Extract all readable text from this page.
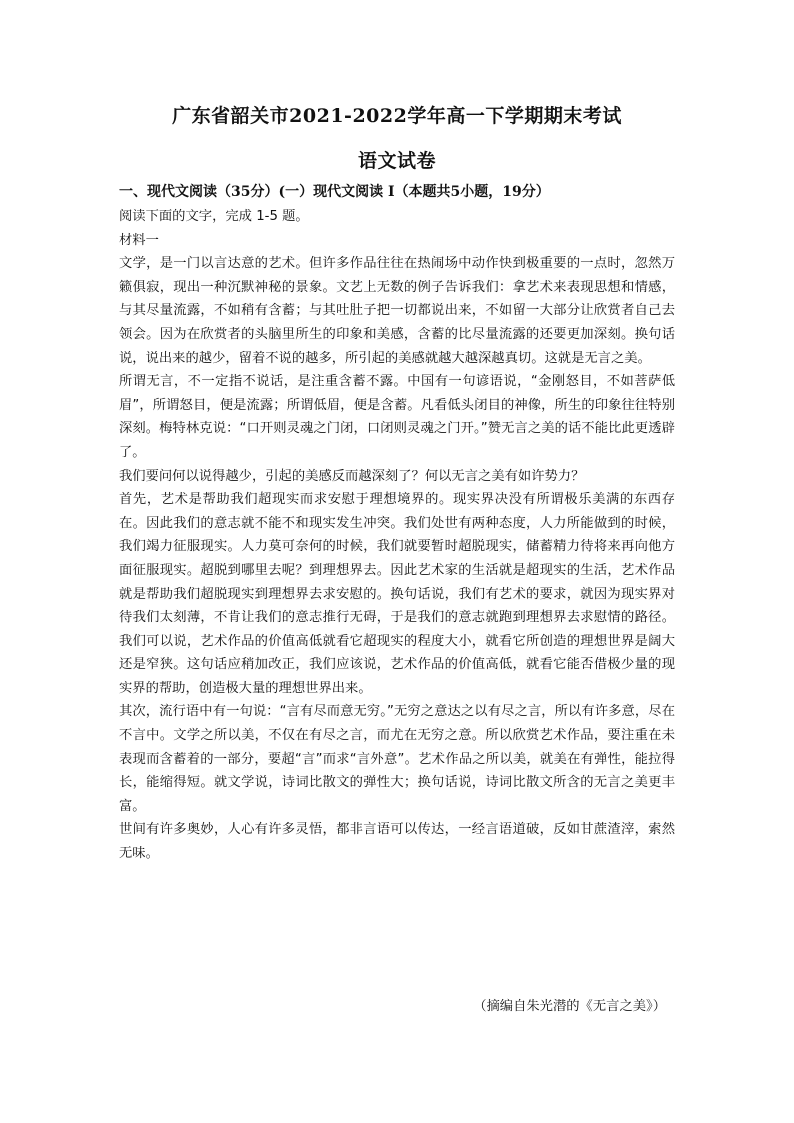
广东省韶关市2021-2022学年高一下学期期末考试
语文试卷
一、现代文阅读（35分）(一）现代文阅读 I（本题共5小题，19分）

阅读下面的文字，完成 1-5 题。

材料一

文学，是一门以言达意的艺术。但许多作品往往在热闹场中动作快到极重要的一点时，忽然万籁俱寂，现出一种沉默神秘的景象。文艺上无数的例子告诉我们：拿艺术来表现思想和情感，与其尽量流露，不如稍有含蓄；与其吐肚子把一切都说出来，不如留一大部分让欣赏者自己去领会。因为在欣赏者的头脑里所生的印象和美感，含蓄的比尽量流露的还要更加深刻。换句话说，说出来的越少，留着不说的越多，所引起的美感就越大越深越真切。这就是无言之美。

所谓无言，不一定指不说话，是注重含蓄不露。中国有一句谚语说，“金刚怒目，不如菩萨低眉”，所谓怒目，便是流露；所谓低眉，便是含蓄。凡看低头闭目的神像，所生的印象往往特别深刻。梅特林克说：“口开则灵魂之门闭，口闭则灵魂之门开。”赞无言之美的话不能比此更透辟了。

我们要问何以说得越少，引起的美感反而越深刻了？何以无言之美有如许势力？

首先，艺术是帮助我们超现实而求安慰于理想境界的。现实界决没有所谓极乐美满的东西存在。因此我们的意志就不能不和现实发生冲突。我们处世有两种态度，人力所能做到的时候，我们竭力征服现实。人力莫可奈何的时候，我们就要暂时超脱现实，储蓄精力待将来再向他方面征服现实。超脱到哪里去呢？到理想界去。因此艺术家的生活就是超现实的生活，艺术作品就是帮助我们超脱现实到理想界去求安慰的。换句话说，我们有艺术的要求，就因为现实界对待我们太刻薄，不肯让我们的意志推行无碍，于是我们的意志就跑到理想界去求慰情的路径。我们可以说，艺术作品的价值高低就看它超现实的程度大小，就看它所创造的理想世界是阔大还是窄狭。这句话应稍加改正，我们应该说，艺术作品的价值高低，就看它能否借极少量的现实界的帮助，创造极大量的理想世界出来。

其次，流行语中有一句说：“言有尽而意无穷。”无穷之意达之以有尽之言，所以有许多意，尽在不言中。文学之所以美，不仅在有尽之言，而尤在无穷之意。所以欣赏艺术作品，要注重在未表现而含蓄着的一部分，要超“言”而求“言外意”。艺术作品之所以美，就美在有弹性，能拉得长，能缩得短。就文学说，诗词比散文的弹性大；换句话说，诗词比散文所含的无言之美更丰富。

世间有许多奥妙，人心有许多灵悟，都非言语可以传达，一经言语道破，反如甘蔗渣滓，索然无味。

（摘编自朱光潜的《无言之美》）
